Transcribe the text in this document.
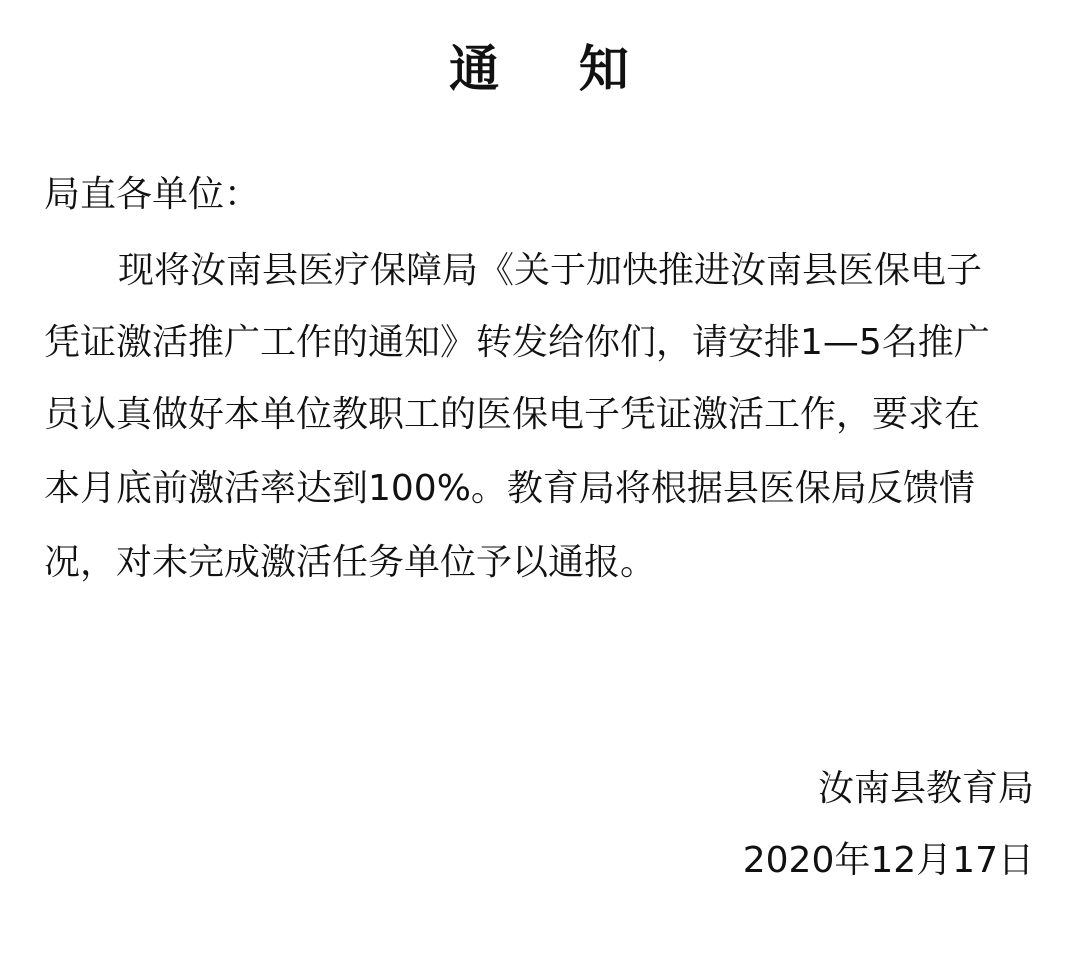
通    知
局直各单位：
现将汝南县医疗保障局《关于加快推进汝南县医保电子
凭证激活推广工作的通知》转发给你们，请安排1—5名推广
员认真做好本单位教职工的医保电子凭证激活工作，要求在
本月底前激活率达到100%。教育局将根据县医保局反馈情
况，对未完成激活任务单位予以通报。
汝南县教育局
2020年12月17日
